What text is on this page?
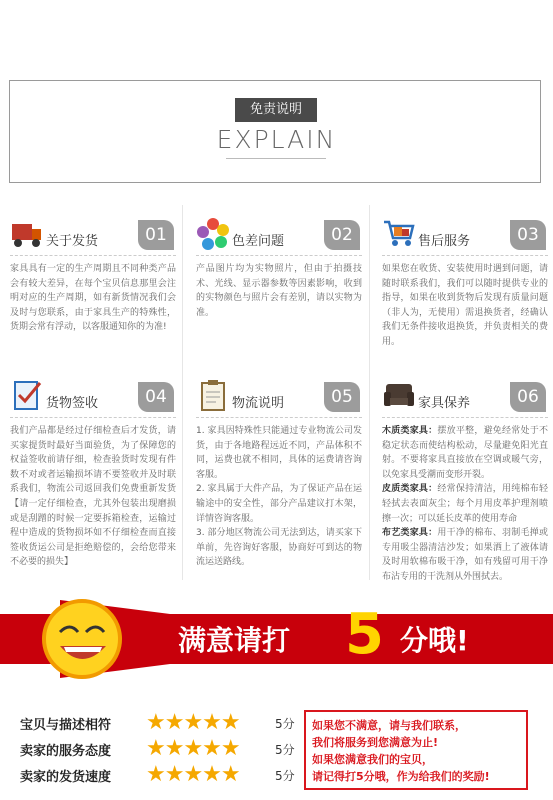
免责说明
EXPLAIN
关于发货	01

家具具有一定的生产周期且不同种类产品会有较大差异，在每个宝贝信息那里会注明对应的生产周期，如有新货情况我们会及时与您联系，由于家具生产的特殊性，货期会常有浮动，以客服通知你的为准!

色差问题	02

产品图片均为实物照片，但由于拍摄技术、光线、显示器参数等因素影响，收到的实物颜色与照片会有差别，请以实物为准。

售后服务	03

如果您在收货、安装使用时遇到问题，请随时联系我们，我们可以随时提供专业的指导，如果在收到货物后发现有质量问题（非人为，无使用）需退换货者，经确认我们无条件接收退换货，并负责相关的费用。

货物签收	04

我们产品都是经过仔细检查后才发货，请买家提货时最好当面验货，为了保障您的权益签收前请仔细，检查验货时发现有件数不对或者运输损坏请不要签收并及时联系我们，物流公司返回我们免费重新发货【请一定仔细检查，尤其外包装出现磨损或是刮蹭的时候一定要拆箱检查，运输过程中造成的货物损坏如不仔细检查而直接签收货运公司是拒绝赔偿的，会给您带来不必要的损失】

物流说明	05

1. 家具因特殊性只能通过专业物流公司发货，由于各地路程远近不同，产品体积不同，运费也就不相同，具体的运费请咨询客服。

2. 家具属于大件产品，为了保证产品在运输途中的安全性，部分产品建议打木架，详情咨询客服。

3. 部分地区物流公司无法到达，请买家下单前，先咨询好客服，协商好可到达的物流运送路线。

家具保养	06

木质类家具：摆放平整，避免经常处于不稳定状态而使结构松动，尽量避免阳光直射。不要将家具直接放在空调或暖气旁，以免家具受潮而变形开裂。

皮质类家具：经常保持清洁，用纯棉布轻轻拭去表面灰尘；每个月用皮革护理剂喷擦一次；可以延长皮革的使用寿命

布艺类家具：用干净的棉布、羽制毛掸或专用吸尘器清洁沙发；如果洒上了液体请及时用软棉布吸干净，如有残留可用干净布沾专用的干洗剂从外围拭去。

满意请打 5 分哦!
宝贝与描述相符 ★★★★★	5分
卖家的服务态度 ★★★★★	5分
卖家的发货速度 ★★★★★	5分

如果您不满意，请与我们联系，

我们将服务到您满意为止!

如果您满意我们的宝贝，

请记得打5分哦，作为给我们的奖励!
